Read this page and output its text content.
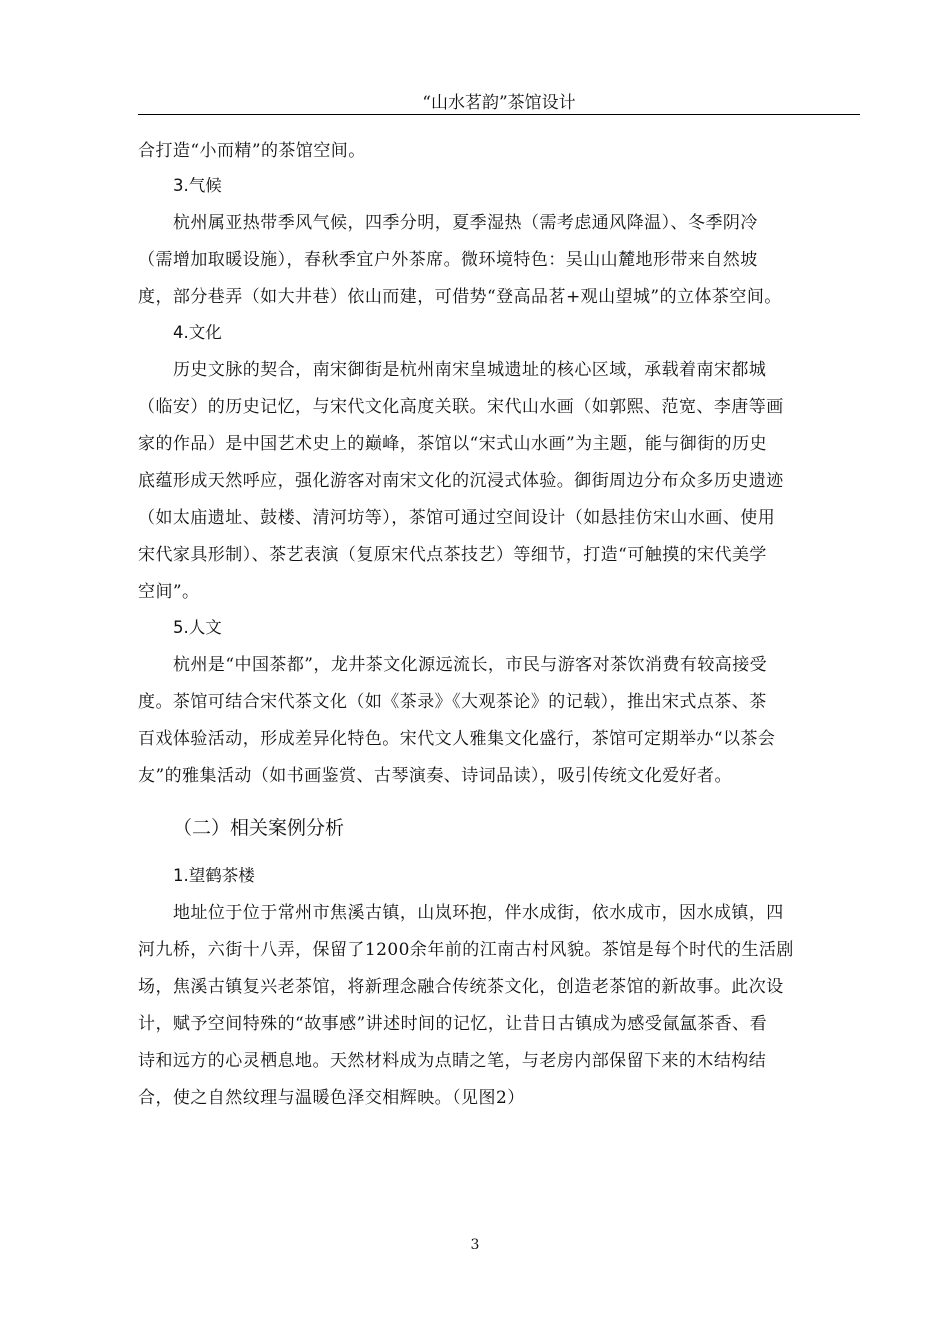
“山水茗韵”茶馆设计
合打造“小而精”的茶馆空间。
3.气候
杭州属亚热带季风气候，四季分明，夏季湿热（需考虑通风降温）、冬季阴冷
（需增加取暖设施），春秋季宜户外茶席。微环境特色：吴山山麓地形带来自然坡
度，部分巷弄（如大井巷）依山而建，可借势“登高品茗+观山望城”的立体茶空间。
4.文化
历史文脉的契合，南宋御街是杭州南宋皇城遗址的核心区域，承载着南宋都城
（临安）的历史记忆，与宋代文化高度关联。宋代山水画（如郭熙、范宽、李唐等画
家的作品）是中国艺术史上的巅峰，茶馆以“宋式山水画”为主题，能与御街的历史
底蕴形成天然呼应，强化游客对南宋文化的沉浸式体验。御街周边分布众多历史遗迹
（如太庙遗址、鼓楼、清河坊等），茶馆可通过空间设计（如悬挂仿宋山水画、使用
宋代家具形制）、茶艺表演（复原宋代点茶技艺）等细节，打造“可触摸的宋代美学
空间”。
5.人文
杭州是“中国茶都”，龙井茶文化源远流长，市民与游客对茶饮消费有较高接受
度。茶馆可结合宋代茶文化（如《茶录》《大观茶论》的记载），推出宋式点茶、茶
百戏体验活动，形成差异化特色。宋代文人雅集文化盛行，茶馆可定期举办“以茶会
友”的雅集活动（如书画鉴赏、古琴演奏、诗词品读），吸引传统文化爱好者。
（二）相关案例分析
1.望鹤茶楼
地址位于位于常州市焦溪古镇，山岚环抱，伴水成街，依水成市，因水成镇，四
河九桥，六街十八弄，保留了1200余年前的江南古村风貌。茶馆是每个时代的生活剧
场，焦溪古镇复兴老茶馆，将新理念融合传统茶文化，创造老茶馆的新故事。此次设
计，赋予空间特殊的“故事感”讲述时间的记忆，让昔日古镇成为感受氤氲茶香、看
诗和远方的心灵栖息地。天然材料成为点睛之笔，与老房内部保留下来的木结构结
合，使之自然纹理与温暖色泽交相辉映。（见图2）
3
